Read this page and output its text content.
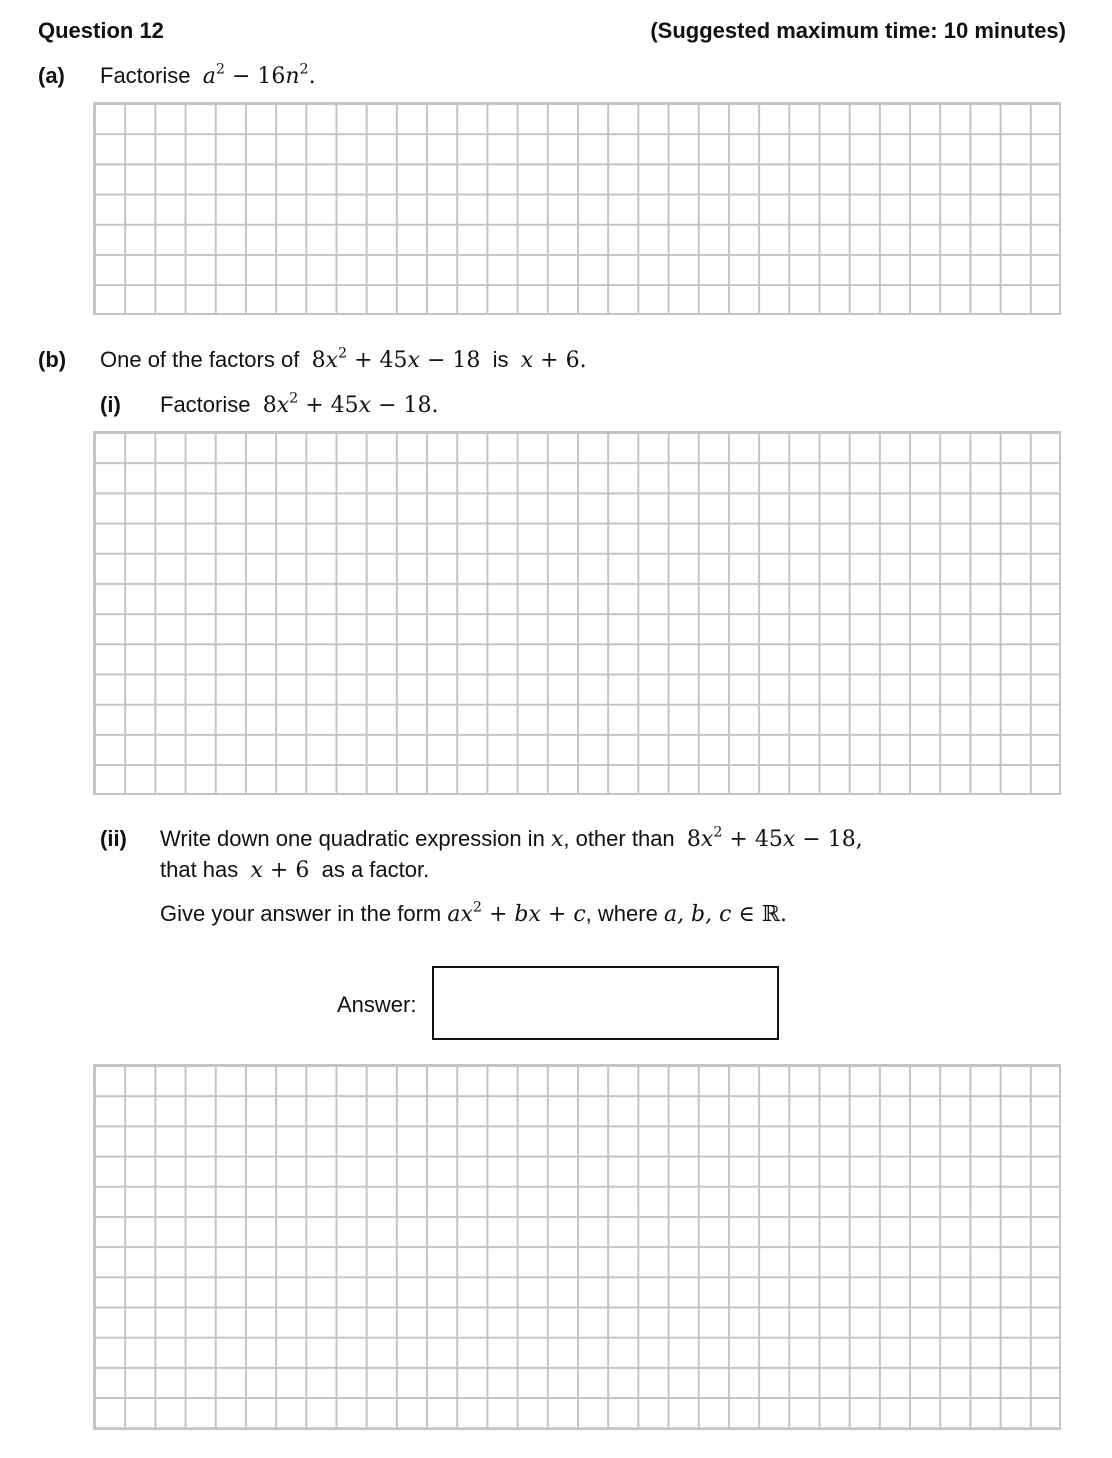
Question 12	(Suggested maximum time: 10 minutes)
(a) Factorise $a^2 - 16n^2$.
(b) One of the factors of $8x^2 + 45x - 18$ is x + 6.
(i) Factorise $8x^2 + 45x - 18$.
(ii) Write down one quadratic expression in x, other than $8x^2 + 45x - 18$,
that has x + 6 as a factor.
Give your answer in the form $ax^2$ + bx + c, where a, b, c ∈ ℝ.
Answer:
